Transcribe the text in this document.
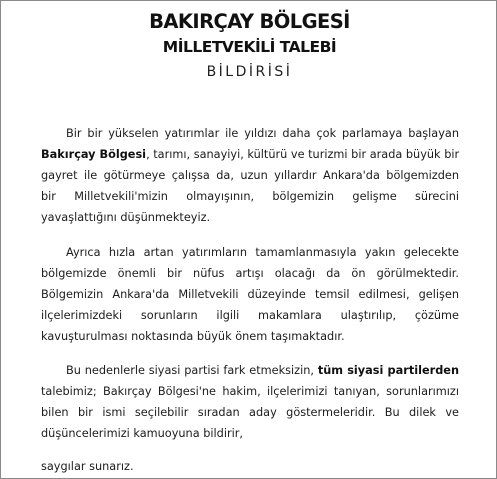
BAKIRÇAY BÖLGESİ
MİLLETVEKİLİ TALEBİ
BİLDİRİSİ
Bir bir yükselen yatırımlar ile yıldızı daha çok parlamaya başlayan
Bakırçay Bölgesi, tarımı, sanayiyi, kültürü ve turizmi bir arada büyük bir
gayret ile götürmeye çalışsa da, uzun yıllardır Ankara'da bölgemizden
bir Milletvekili'mizin olmayışının, bölgemizin gelişme sürecini
yavaşlattığını düşünmekteyiz.
Ayrıca hızla artan yatırımların tamamlanmasıyla yakın gelecekte
bölgemizde önemli bir nüfus artışı olacağı da ön görülmektedir.
Bölgemizin Ankara'da Milletvekili düzeyinde temsil edilmesi, gelişen
ilçelerimizdeki sorunların ilgili makamlara ulaştırılıp, çözüme
kavuşturulması noktasında büyük önem taşımaktadır.
Bu nedenlerle siyasi partisi fark etmeksizin, tüm siyasi partilerden
talebimiz; Bakırçay Bölgesi'ne hakim, ilçelerimizi tanıyan, sorunlarımızı
bilen bir ismi seçilebilir sıradan aday göstermeleridir. Bu dilek ve
düşüncelerimizi kamuoyuna bildirir,
saygılar sunarız.
